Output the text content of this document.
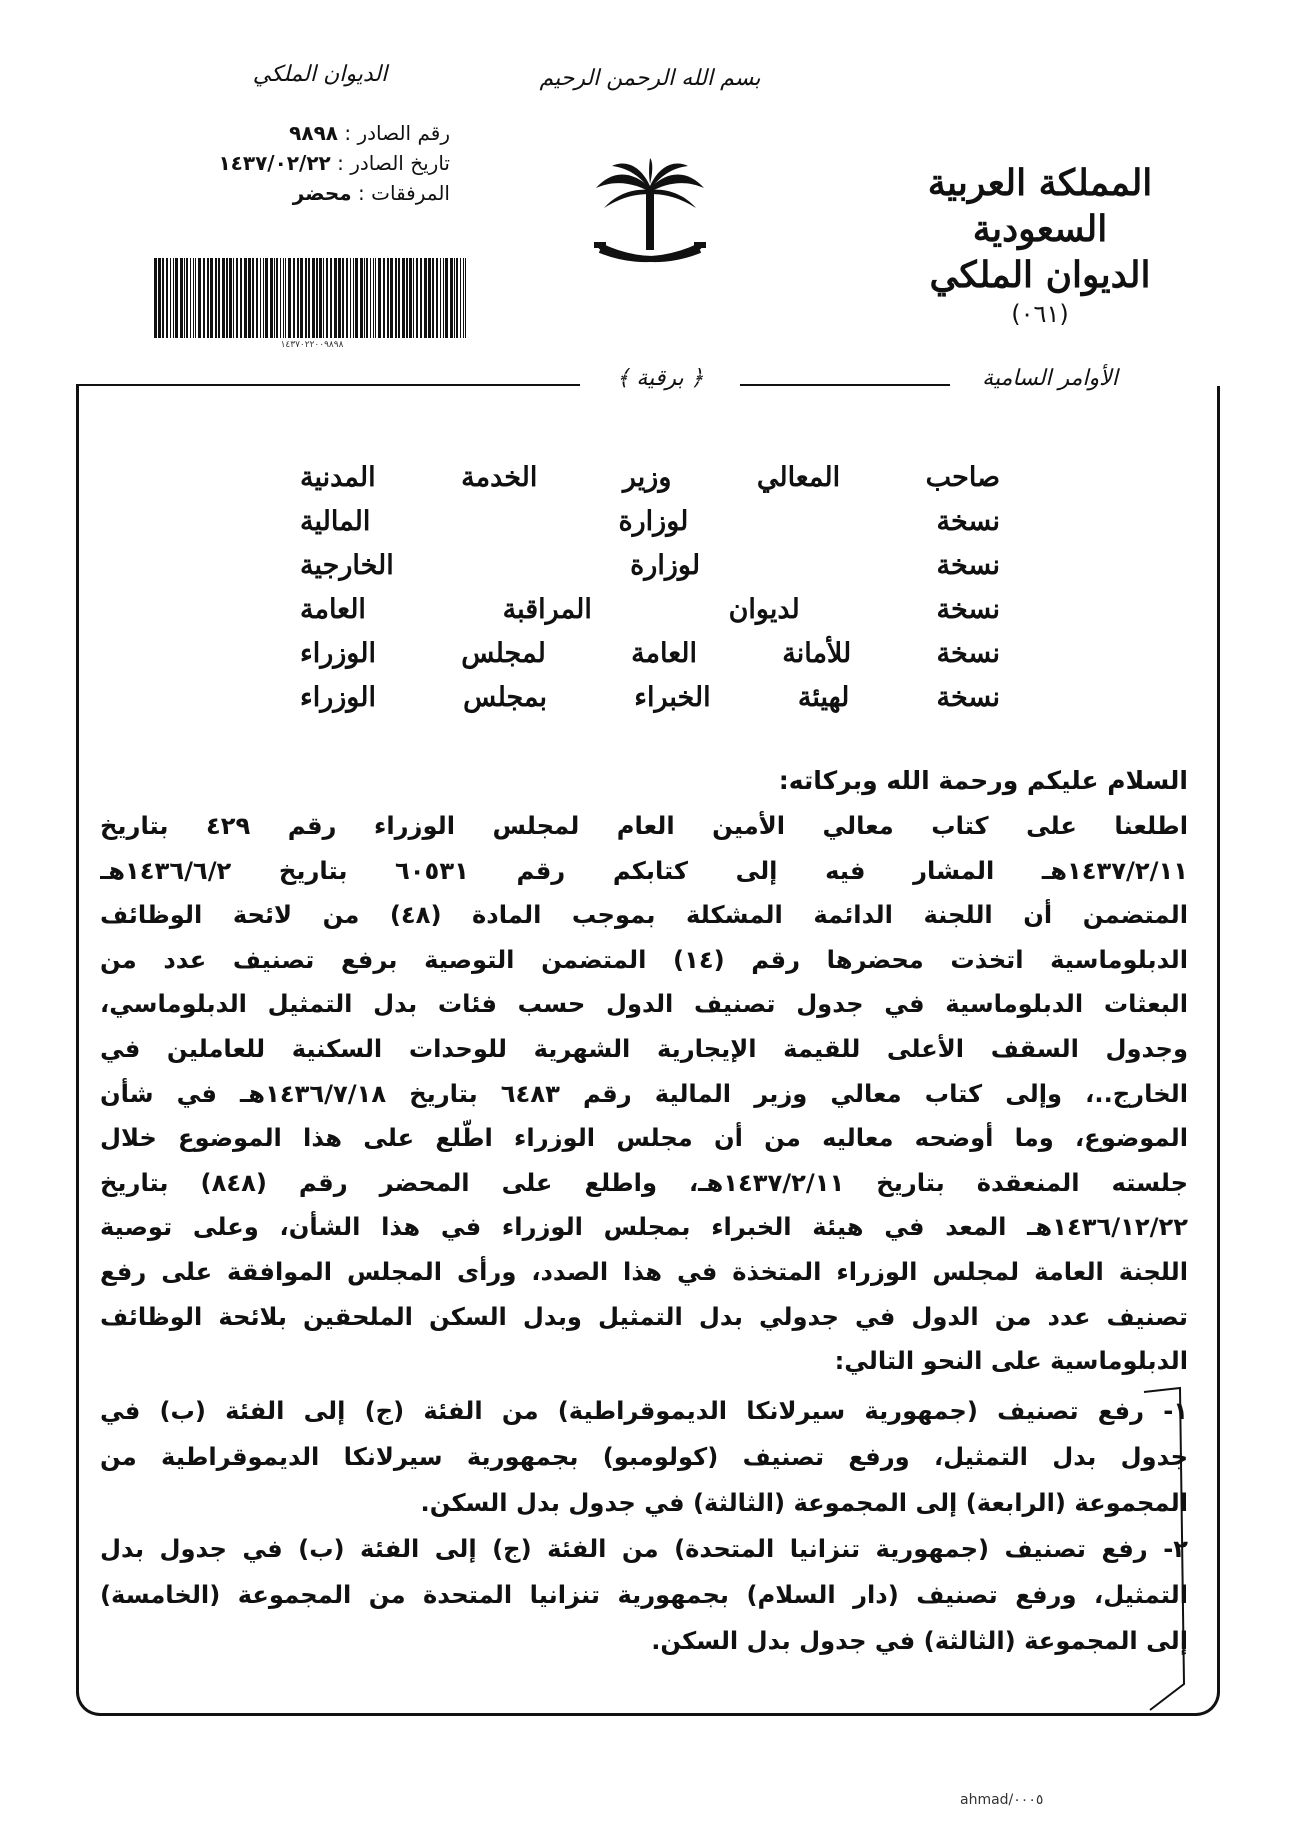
بسم الله الرحمن الرحيم
الديوان الملكي
رقم الصادر : ٩٨٩٨
تاريخ الصادر : ١٤٣٧/٠٢/٢٢
المرفقات : محضر
١٤٣٧٠٢٢٠٠٩٨٩٨
المملكة العربية السعودية
الديوان الملكي
(٠٦١)
﴿ برقية ﴾	الأوامر السامية
صاحب المعالي وزير الخدمة المدنية
نسخة لوزارة المالية
نسخة لوزارة الخارجية
نسخة لديوان المراقبة العامة
نسخة للأمانة العامة لمجلس الوزراء
نسخة لهيئة الخبراء بمجلس الوزراء
السلام عليكم ورحمة الله وبركاته:
اطلعنا على كتاب معالي الأمين العام لمجلس الوزراء رقم ٤٢٩ بتاريخ
١٤٣٧/٢/١١هـ المشار فيه إلى كتابكم رقم ٦٠٥٣١ بتاريخ ١٤٣٦/٦/٢هـ
المتضمن أن اللجنة الدائمة المشكلة بموجب المادة (٤٨) من لائحة الوظائف
الدبلوماسية اتخذت محضرها رقم (١٤) المتضمن التوصية برفع تصنيف عدد من
البعثات الدبلوماسية في جدول تصنيف الدول حسب فئات بدل التمثيل الدبلوماسي،
وجدول السقف الأعلى للقيمة الإيجارية الشهرية للوحدات السكنية للعاملين في
الخارج..، وإلى كتاب معالي وزير المالية رقم ٦٤٨٣ بتاريخ ١٤٣٦/٧/١٨هـ في شأن
الموضوع، وما أوضحه معاليه من أن مجلس الوزراء اطّلع على هذا الموضوع خلال
جلسته المنعقدة بتاريخ ١٤٣٧/٢/١١هـ، واطلع على المحضر رقم (٨٤٨) بتاريخ
١٤٣٦/١٢/٢٢هـ المعد في هيئة الخبراء بمجلس الوزراء في هذا الشأن، وعلى توصية
اللجنة العامة لمجلس الوزراء المتخذة في هذا الصدد، ورأى المجلس الموافقة على رفع
تصنيف عدد من الدول في جدولي بدل التمثيل وبدل السكن الملحقين بلائحة الوظائف
الدبلوماسية على النحو التالي:
١- رفع تصنيف (جمهورية سيرلانكا الديموقراطية) من الفئة (ج) إلى الفئة (ب) في
جدول بدل التمثيل، ورفع تصنيف (كولومبو) بجمهورية سيرلانكا الديموقراطية من
المجموعة (الرابعة) إلى المجموعة (الثالثة) في جدول بدل السكن.
٢- رفع تصنيف (جمهورية تنزانيا المتحدة) من الفئة (ج) إلى الفئة (ب) في جدول بدل
التمثيل، ورفع تصنيف (دار السلام) بجمهورية تنزانيا المتحدة من المجموعة (الخامسة)
إلى المجموعة (الثالثة) في جدول بدل السكن.
ahmad/٠٠٠٥
